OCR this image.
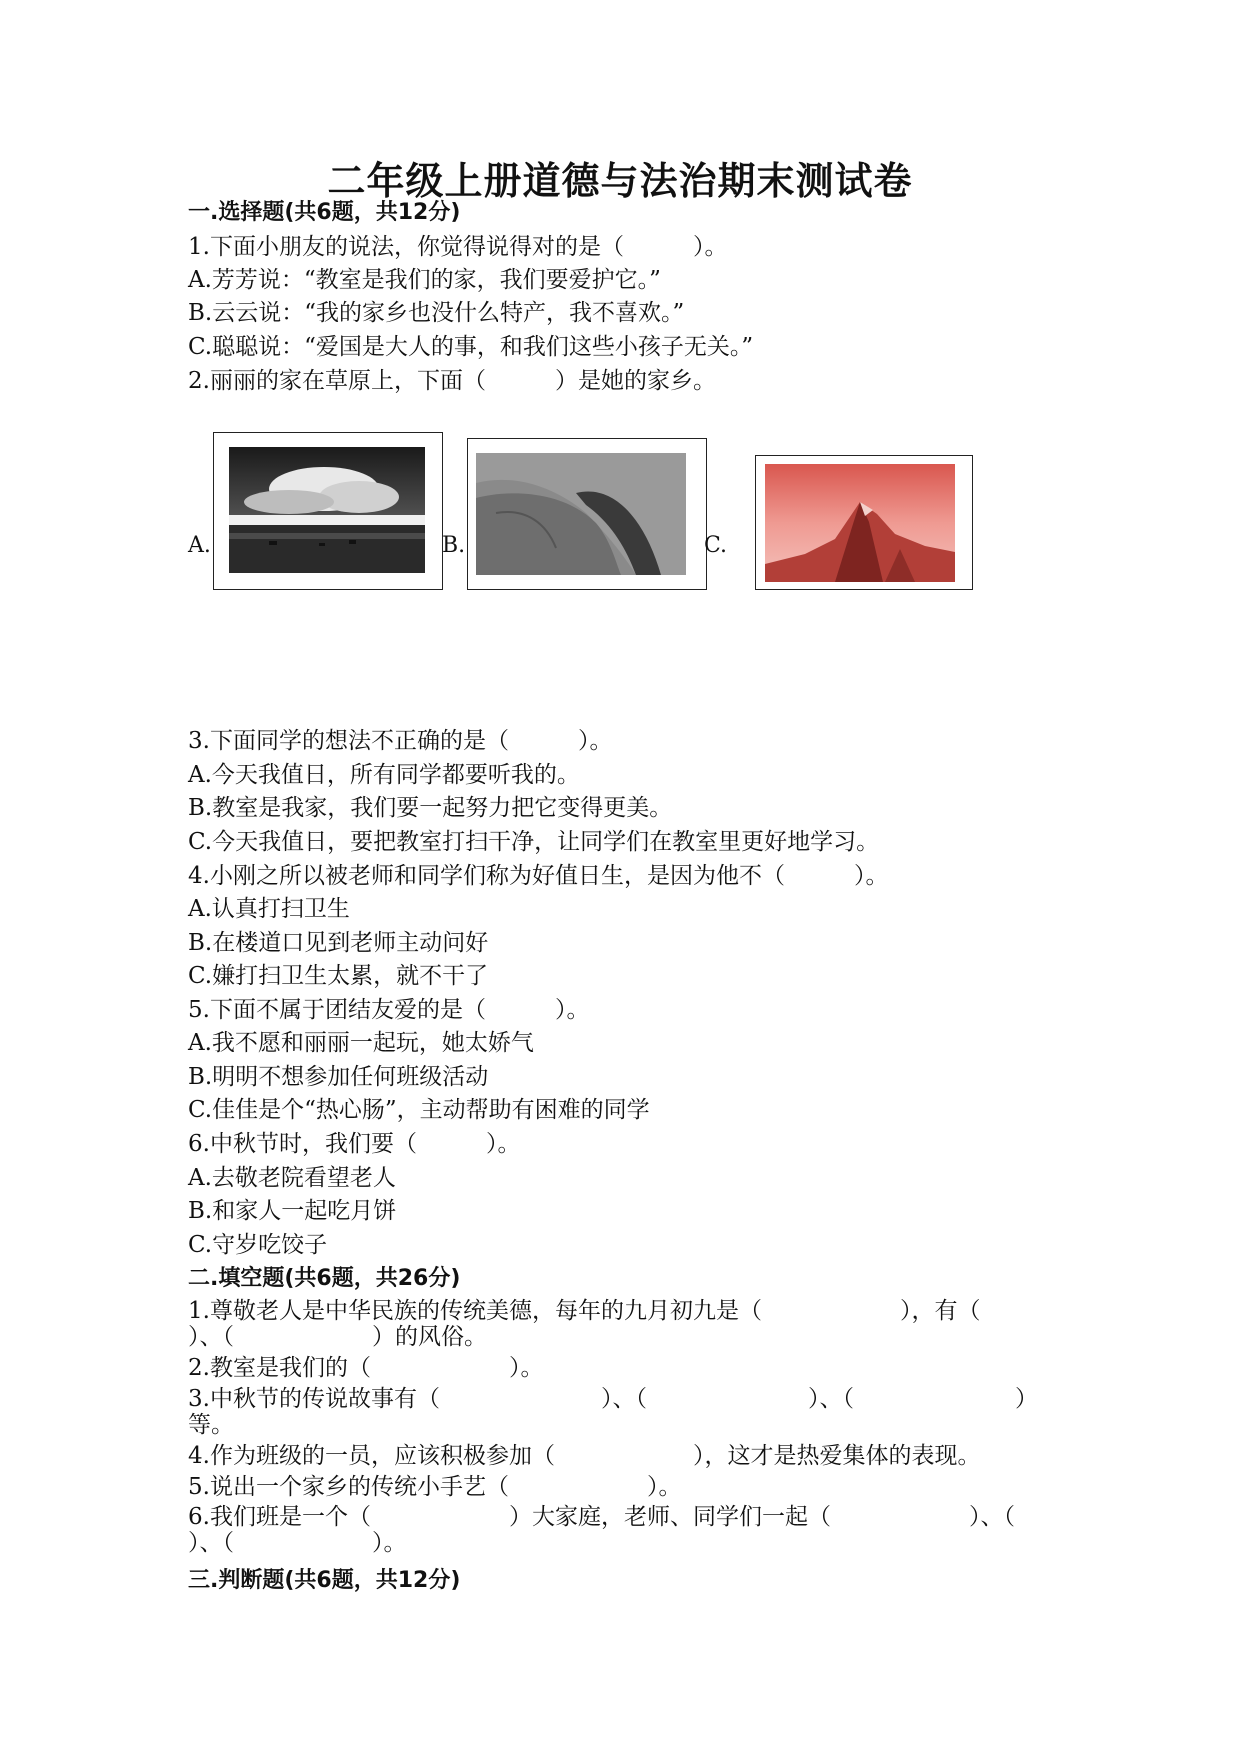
二年级上册道德与法治期末测试卷
一.选择题(共6题，共12分)
1.下面小朋友的说法，你觉得说得对的是（　　　）。
A.芳芳说：“教室是我们的家，我们要爱护它。”
B.云云说：“我的家乡也没什么特产，我不喜欢。”
C.聪聪说：“爱国是大人的事，和我们这些小孩子无关。”
2.丽丽的家在草原上，下面（　　　）是她的家乡。
A.	B.	C.
3.下面同学的想法不正确的是（　　　）。
A.今天我值日，所有同学都要听我的。
B.教室是我家，我们要一起努力把它变得更美。
C.今天我值日，要把教室打扫干净，让同学们在教室里更好地学习。
4.小刚之所以被老师和同学们称为好值日生，是因为他不（　　　）。
A.认真打扫卫生
B.在楼道口见到老师主动问好
C.嫌打扫卫生太累，就不干了
5.下面不属于团结友爱的是（　　　）。
A.我不愿和丽丽一起玩，她太娇气
B.明明不想参加任何班级活动
C.佳佳是个“热心肠”，主动帮助有困难的同学
6.中秋节时，我们要（　　　）。
A.去敬老院看望老人
B.和家人一起吃月饼
C.守岁吃饺子
二.填空题(共6题，共26分)
1.尊敬老人是中华民族的传统美德，每年的九月初九是（　　　　　　），有（
）、（　　　　　　）的风俗。
2.教室是我们的（　　　　　　）。
3.中秋节的传说故事有（　　　　　　　）、（　　　　　　　）、（　　　　　　　）
等。
4.作为班级的一员，应该积极参加（　　　　　　），这才是热爱集体的表现。
5.说出一个家乡的传统小手艺（　　　　　　）。
6.我们班是一个（　　　　　　）大家庭，老师、同学们一起（　　　　　　）、（
）、（　　　　　　）。
三.判断题(共6题，共12分)
